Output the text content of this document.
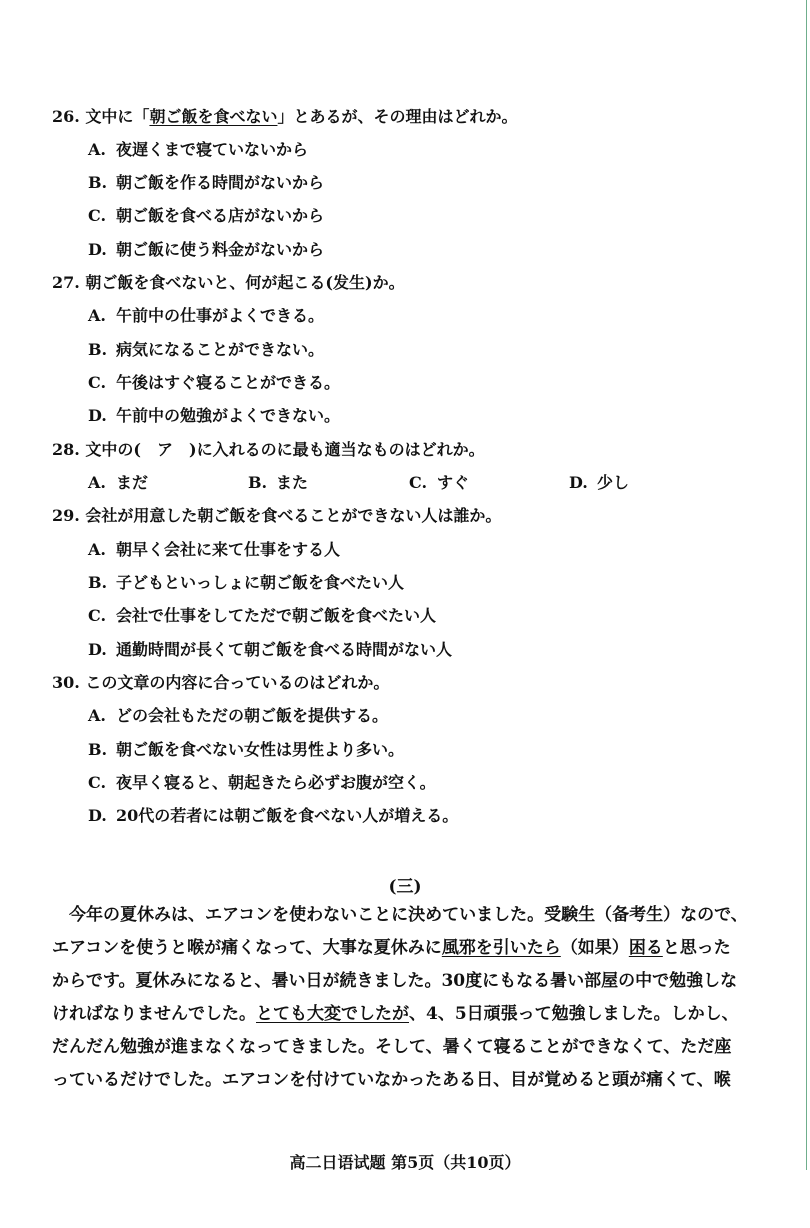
26. 文中に「朝ご飯を食べない」とあるが、その理由はどれか。
A. 夜遅くまで寝ていないから
B. 朝ご飯を作る時間がないから
C. 朝ご飯を食べる店がないから
D. 朝ご飯に使う料金がないから
27. 朝ご飯を食べないと、何が起こる(发生)か。
A. 午前中の仕事がよくできる。
B. 病気になることができない。
C. 午後はすぐ寝ることができる。
D. 午前中の勉強がよくできない。
28. 文中の(　ア　)に入れるのに最も適当なものはどれか。
A. まだ	B. また	C. すぐ	D. 少し
29. 会社が用意した朝ご飯を食べることができない人は誰か。
A. 朝早く会社に来て仕事をする人
B. 子どもといっしょに朝ご飯を食べたい人
C. 会社で仕事をしてただで朝ご飯を食べたい人
D. 通勤時間が長くて朝ご飯を食べる時間がない人
30. この文章の内容に合っているのはどれか。
A. どの会社もただの朝ご飯を提供する。
B. 朝ご飯を食べない女性は男性より多い。
C. 夜早く寝ると、朝起きたら必ずお腹が空く。
D. 20代の若者には朝ご飯を食べない人が増える。
(三)
　今年の夏休みは、エアコンを使わないことに決めていました。受験生（备考生）なので、
エアコンを使うと喉が痛くなって、大事な夏休みに風邪を引いたら（如果）困ると思った
からです。夏休みになると、暑い日が続きました。30度にもなる暑い部屋の中で勉強しな
ければなりませんでした。とても大変でしたが、4、5日頑張って勉強しました。しかし、
だんだん勉強が進まなくなってきました。そして、暑くて寝ることができなくて、ただ座
っているだけでした。エアコンを付けていなかったある日、目が覚めると頭が痛くて、喉
高二日语试题 第5页（共10页）
